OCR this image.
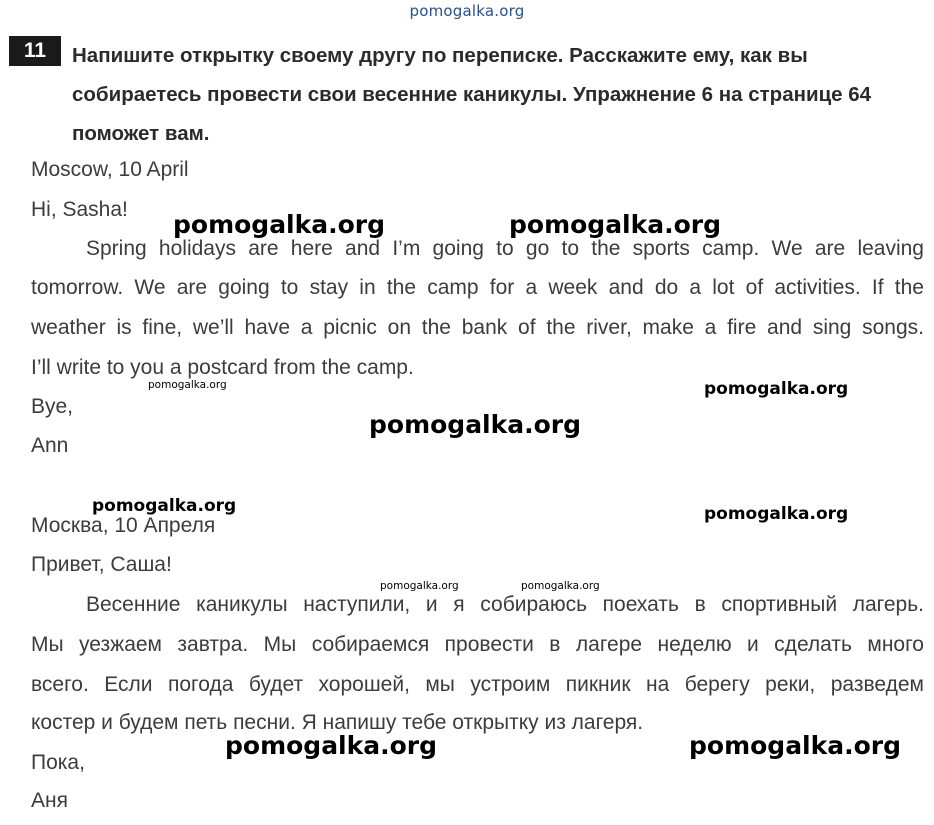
pomogalka.org
11	Напишите открытку своему другу по переписке. Расскажите ему, как вы собираетесь провести свои весенние каникулы. Упражнение 6 на странице 64 поможет вам.
Moscow, 10 April
Hi, Sasha!
Spring holidays are here and I’m going to go to the sports camp. We are leaving
tomorrow. We are going to stay in the camp for a week and do a lot of activities. If the
weather is fine, we’ll have a picnic on the bank of the river, make a fire and sing songs.
I’ll write to you a postcard from the camp.
Bye,
Ann
Москва, 10 Апреля
Привет, Саша!
Весенние каникулы наступили, и я собираюсь поехать в спортивный лагерь.
Мы уезжаем завтра. Мы собираемся провести в лагере неделю и сделать много
всего. Если погода будет хорошей, мы устроим пикник на берегу реки, разведем
костер и будем петь песни. Я напишу тебе открытку из лагеря.
Пока,
Аня
pomogalka.org	pomogalka.org
pomogalka.org	pomogalka.org
pomogalka.org
pomogalka.org	pomogalka.org
pomogalka.org	pomogalka.org
pomogalka.org	pomogalka.org
